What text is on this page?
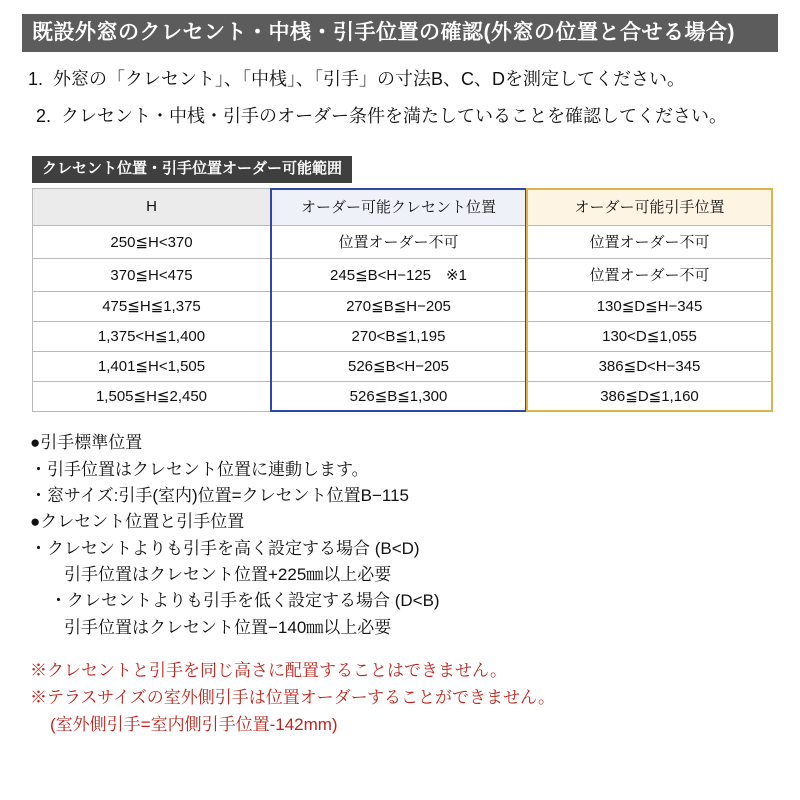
既設外窓のクレセント・中桟・引手位置の確認(外窓の位置と合せる場合)
1. 外窓の「クレセント」、「中桟」、「引手」の寸法B、C、Dを測定してください。
2. クレセント・中桟・引手のオーダー条件を満たしていることを確認してください。
クレセント位置・引手位置オーダー可能範囲
H	オーダー可能クレセント位置	オーダー可能引手位置
250≦H<370	位置オーダー不可	位置オーダー不可
370≦H<475	245≦B<H−125　※1	位置オーダー不可
475≦H≦1,375	270≦B≦H−205	130≦D≦H−345
1,375<H≦1,400	270<B≦1,195	130<D≦1,055
1,401≦H<1,505	526≦B<H−205	386≦D<H−345
1,505≦H≦2,450	526≦B≦1,300	386≦D≦1,160
●引手標準位置
・引手位置はクレセント位置に連動します。
・窓サイズ:引手(室内)位置=クレセント位置B−115
●クレセント位置と引手位置
・クレセントよりも引手を高く設定する場合 (B<D)
引手位置はクレセント位置+225㎜以上必要
・クレセントよりも引手を低く設定する場合 (D<B)
引手位置はクレセント位置−140㎜以上必要
※クレセントと引手を同じ高さに配置することはできません。
※テラスサイズの室外側引手は位置オーダーすることができません。
(室外側引手=室内側引手位置-142mm)
